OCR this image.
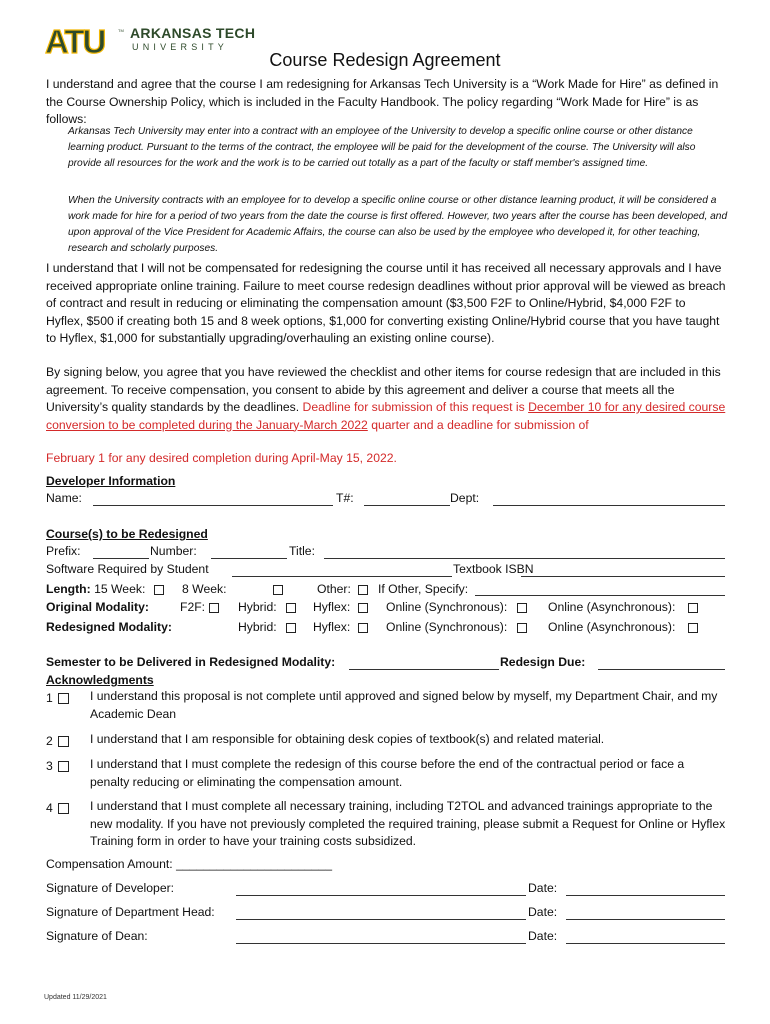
ATU	TM ARKANSAS TECH
UNIVERSITY
Course Redesign Agreement
I understand and agree that the course I am redesigning for Arkansas Tech University is a “Work Made for Hire” as defined in the Course Ownership Policy, which is included in the Faculty Handbook. The policy regarding “Work Made for Hire” is as follows:
Arkansas Tech University may enter into a contract with an employee of the University to develop a specific online course or other distance learning product. Pursuant to the terms of the contract, the employee will be paid for the development of the course. The University will also provide all resources for the work and the work is to be carried out totally as a part of the faculty or staff member's assigned time.
When the University contracts with an employee for to develop a specific online course or other distance learning product, it will be considered a work made for hire for a period of two years from the date the course is first offered. However, two years after the course has been developed, and upon approval of the Vice President for Academic Affairs, the course can also be used by the employee who developed it, for other teaching, research and scholarly purposes.
I understand that I will not be compensated for redesigning the course until it has received all necessary approvals and I have received appropriate online training. Failure to meet course redesign deadlines without prior approval will be viewed as breach of contract and result in reducing or eliminating the compensation amount ($3,500 F2F to Online/Hybrid, $4,000 F2F to Hyflex, $500 if creating both 15 and 8 week options, $1,000 for converting existing Online/Hybrid course that you have taught to Hyflex, $1,000 for substantially upgrading/overhauling an existing online course).
By signing below, you agree that you have reviewed the checklist and other items for course redesign that are included in this agreement. To receive compensation, you consent to abide by this agreement and deliver a course that meets all the University’s quality standards by the deadlines. Deadline for submission of this request is December 10 for any desired course conversion to be completed during the January-March 2022 quarter and a deadline for submission of
February 1 for any desired completion during April-May 15, 2022.
Developer Information
Name:	T#:	Dept:
Course(s) to be Redesigned
Prefix:	Number:	Title:
Software Required by Student	Textbook ISBN
Length: 15 Week:	8 Week:	Other: If Other, Specify:
Original Modality:	F2F:	Hybrid:	Hyflex:	Online (Synchronous):	Online (Asynchronous):
Redesigned Modality:	Hybrid:	Hyflex:	Online (Synchronous):	Online (Asynchronous):
Semester to be Delivered in Redesigned Modality:	Redesign Due:
Acknowledgments
1	I understand this proposal is not complete until approved and signed below by myself, my Department Chair, and my Academic Dean
2	I understand that I am responsible for obtaining desk copies of textbook(s) and related material.
3	I understand that I must complete the redesign of this course before the end of the contractual period or face a penalty reducing or eliminating the compensation amount.
4	I understand that I must complete all necessary training, including T2TOL and advanced trainings appropriate to the new modality. If you have not previously completed the required training, please submit a Request for Online or Hyflex Training form in order to have your training costs subsidized.
Compensation Amount: _______________________
Signature of Developer:	Date:
Signature of Department Head:	Date:
Signature of Dean:	Date:
Updated 11/29/2021
